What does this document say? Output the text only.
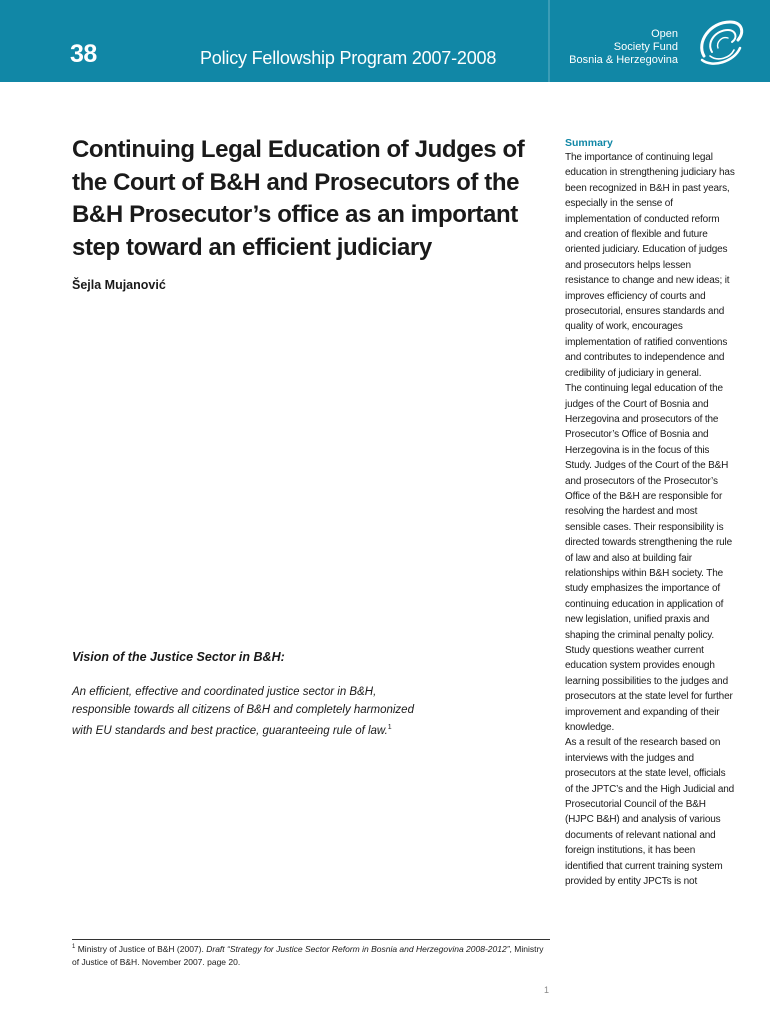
38	Policy Fellowship Program 2007-2008
Open
Society Fund
Bosnia & Herzegovina
Continuing Legal Education of Judges of the Court of B&H and Prosecutors of the B&H Prosecutor’s office as an important step toward an efficient judiciary
Šejla Mujanović
Vision of the Justice Sector in B&H:
An efficient, effective and coordinated justice sector in B&H, responsible towards all citizens of B&H and completely harmonized with EU standards and best practice, guaranteeing rule of law.$^1$
$^1$ Ministry of Justice of B&H (2007). Draft “Strategy for Justice Sector Reform in Bosnia and Herzegovina 2008-2012”, Ministry of Justice of B&H. November 2007. page 20.
Summary

The importance of continuing legal education in strengthening judiciary has been recognized in B&H in past years, especially in the sense of implementation of conducted reform and creation of flexible and future oriented judiciary. Education of judges and prosecutors helps lessen resistance to change and new ideas; it improves efficiency of courts and prosecutorial, ensures standards and quality of work, encourages implementation of ratified conventions and contributes to independence and credibility of judiciary in general.

The continuing legal education of the judges of the Court of Bosnia and Herzegovina and prosecutors of the Prosecutor’s Office of Bosnia and Herzegovina is in the focus of this Study. Judges of the Court of the B&H and prosecutors of the Prosecutor’s Office of the B&H are responsible for resolving the hardest and most sensible cases. Their responsibility is directed towards strengthening the rule of law and also at building fair relationships within B&H society. The study emphasizes the importance of continuing education in application of new legislation, unified praxis and shaping the criminal penalty policy. Study questions weather current education system provides enough learning possibilities to the judges and prosecutors at the state level for further improvement and expanding of their knowledge.

As a result of the research based on interviews with the judges and prosecutors at the state level, officials of the JPTC’s and the High Judicial and Prosecutorial Council of the B&H (HJPC B&H) and analysis of various documents of relevant national and foreign institutions, it has been identified that current training system provided by entity JPCTs is not

1
